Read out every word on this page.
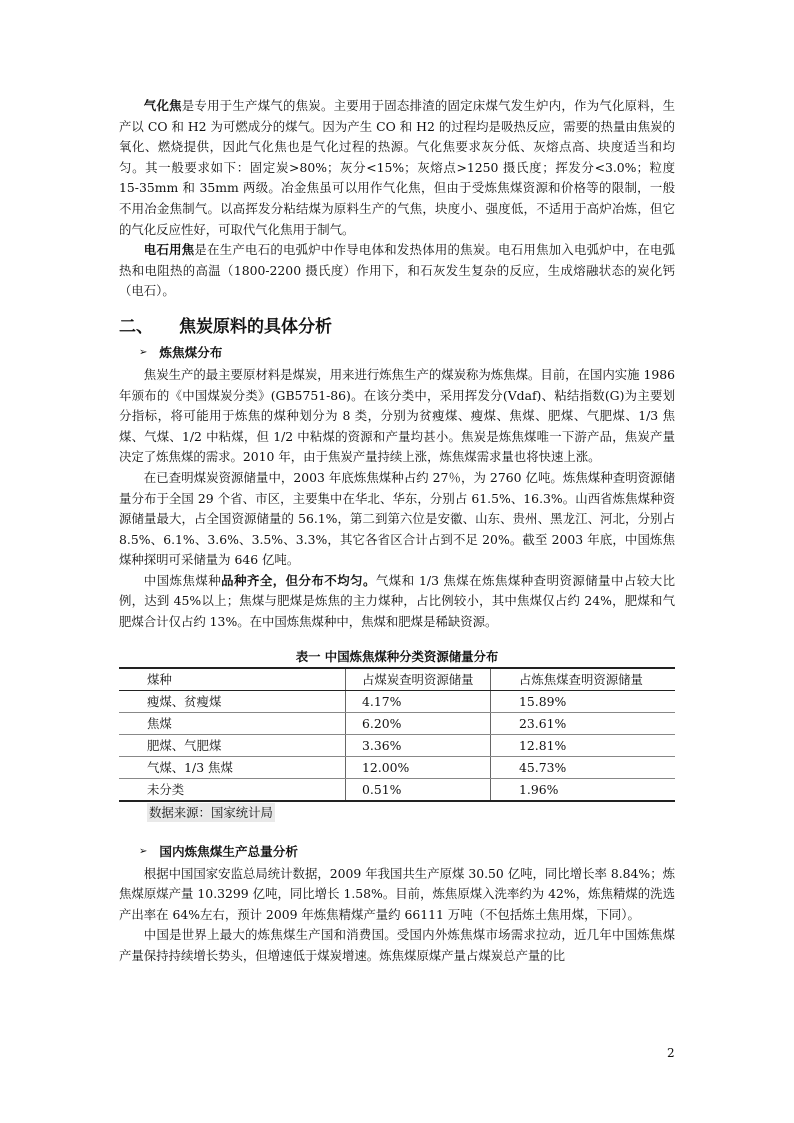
气化焦是专用于生产煤气的焦炭。主要用于固态排渣的固定床煤气发生炉内，作为气化原料，生产以 CO 和 H2 为可燃成分的煤气。因为产生 CO 和 H2 的过程均是吸热反应，需要的热量由焦炭的氧化、燃烧提供，因此气化焦也是气化过程的热源。气化焦要求灰分低、灰熔点高、块度适当和均匀。其一般要求如下：固定炭>80%；灰分<15%；灰熔点>1250 摄氏度；挥发分<3.0%；粒度 15-35mm 和 35mm 两级。冶金焦虽可以用作气化焦，但由于受炼焦煤资源和价格等的限制，一般不用冶金焦制气。以高挥发分粘结煤为原料生产的气焦，块度小、强度低，不适用于高炉冶炼，但它的气化反应性好，可取代气化焦用于制气。

电石用焦是在生产电石的电弧炉中作导电体和发热体用的焦炭。电石用焦加入电弧炉中，在电弧热和电阻热的高温（1800-2200 摄氏度）作用下，和石灰发生复杂的反应，生成熔融状态的炭化钙（电石）。

二、 焦炭原料的具体分析
➢ 炼焦煤分布

焦炭生产的最主要原材料是煤炭，用来进行炼焦生产的煤炭称为炼焦煤。目前，在国内实施 1986 年颁布的《中国煤炭分类》(GB5751-86)。在该分类中，采用挥发分(Vdaf)、粘结指数(G)为主要划分指标，将可能用于炼焦的煤种划分为 8 类，分别为贫瘦煤、瘦煤、焦煤、肥煤、气肥煤、1/3 焦煤、气煤、1/2 中粘煤，但 1/2 中粘煤的资源和产量均甚小。焦炭是炼焦煤唯一下游产品，焦炭产量决定了炼焦煤的需求。2010 年，由于焦炭产量持续上涨，炼焦煤需求量也将快速上涨。

在已查明煤炭资源储量中，2003 年底炼焦煤种占约 27％，为 2760 亿吨。炼焦煤种查明资源储量分布于全国 29 个省、市区，主要集中在华北、华东，分别占 61.5%、16.3%。山西省炼焦煤种资源储量最大，占全国资源储量的 56.1%，第二到第六位是安徽、山东、贵州、黑龙江、河北，分别占 8.5%、6.1%、3.6%、3.5%、3.3%，其它各省区合计占到不足 20%。截至 2003 年底，中国炼焦煤种探明可采储量为 646 亿吨。

中国炼焦煤种品种齐全，但分布不均匀。气煤和 1/3 焦煤在炼焦煤种查明资源储量中占较大比例，达到 45%以上；焦煤与肥煤是炼焦的主力煤种，占比例较小，其中焦煤仅占约 24%，肥煤和气肥煤合计仅占约 13%。在中国炼焦煤种中，焦煤和肥煤是稀缺资源。

表一 中国炼焦煤种分类资源储量分布
煤种	占煤炭查明资源储量	占炼焦煤查明资源储量
瘦煤、贫瘦煤	4.17%	15.89%
焦煤	6.20%	23.61%
肥煤、气肥煤	3.36%	12.81%
气煤、1/3 焦煤	12.00%	45.73%
未分类	0.51%	1.96%
数据来源：国家统计局
➢ 国内炼焦煤生产总量分析

根据中国国家安监总局统计数据，2009 年我国共生产原煤 30.50 亿吨，同比增长率 8.84%；炼焦煤原煤产量 10.3299 亿吨，同比增长 1.58%。目前，炼焦原煤入洗率约为 42%，炼焦精煤的洗选产出率在 64%左右，预计 2009 年炼焦精煤产量约 66111 万吨（不包括炼土焦用煤，下同）。

中国是世界上最大的炼焦煤生产国和消费国。受国内外炼焦煤市场需求拉动，近几年中国炼焦煤产量保持持续增长势头，但增速低于煤炭增速。炼焦煤原煤产量占煤炭总产量的比

2
